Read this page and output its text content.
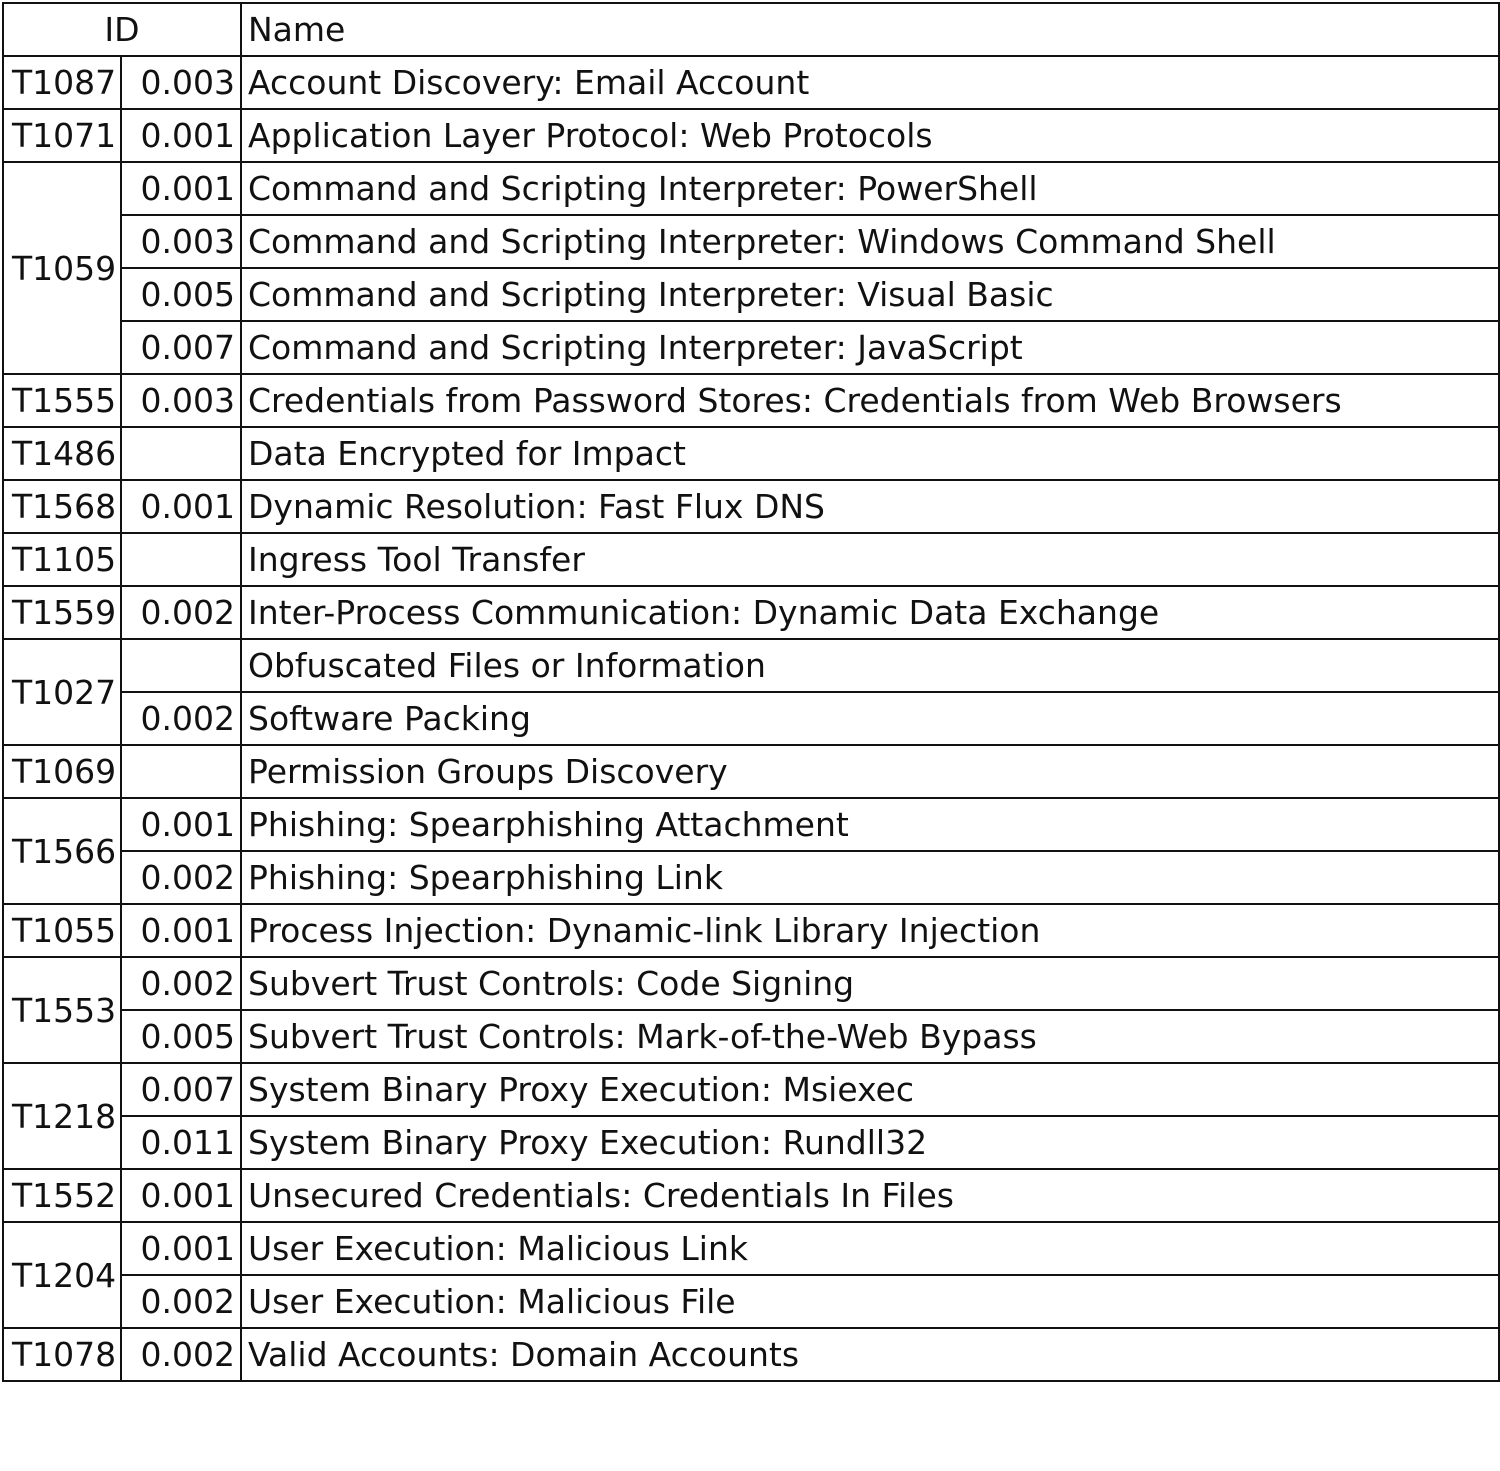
ID		Name
T1087	0.003	Account Discovery: Email Account
T1071	0.001	Application Layer Protocol: Web Protocols
T1059	0.001	Command and Scripting Interpreter: PowerShell
	0.003	Command and Scripting Interpreter: Windows Command Shell
	0.005	Command and Scripting Interpreter: Visual Basic
	0.007	Command and Scripting Interpreter: JavaScript
T1555	0.003	Credentials from Password Stores: Credentials from Web Browsers
T1486		Data Encrypted for Impact
T1568	0.001	Dynamic Resolution: Fast Flux DNS
T1105		Ingress Tool Transfer
T1559	0.002	Inter-Process Communication: Dynamic Data Exchange
T1027		Obfuscated Files or Information
	0.002	Software Packing
T1069		Permission Groups Discovery
T1566	0.001	Phishing: Spearphishing Attachment
	0.002	Phishing: Spearphishing Link
T1055	0.001	Process Injection: Dynamic-link Library Injection
T1553	0.002	Subvert Trust Controls: Code Signing
	0.005	Subvert Trust Controls: Mark-of-the-Web Bypass
T1218	0.007	System Binary Proxy Execution: Msiexec
	0.011	System Binary Proxy Execution: Rundll32
T1552	0.001	Unsecured Credentials: Credentials In Files
T1204	0.001	User Execution: Malicious Link
	0.002	User Execution: Malicious File
T1078	0.002	Valid Accounts: Domain Accounts
